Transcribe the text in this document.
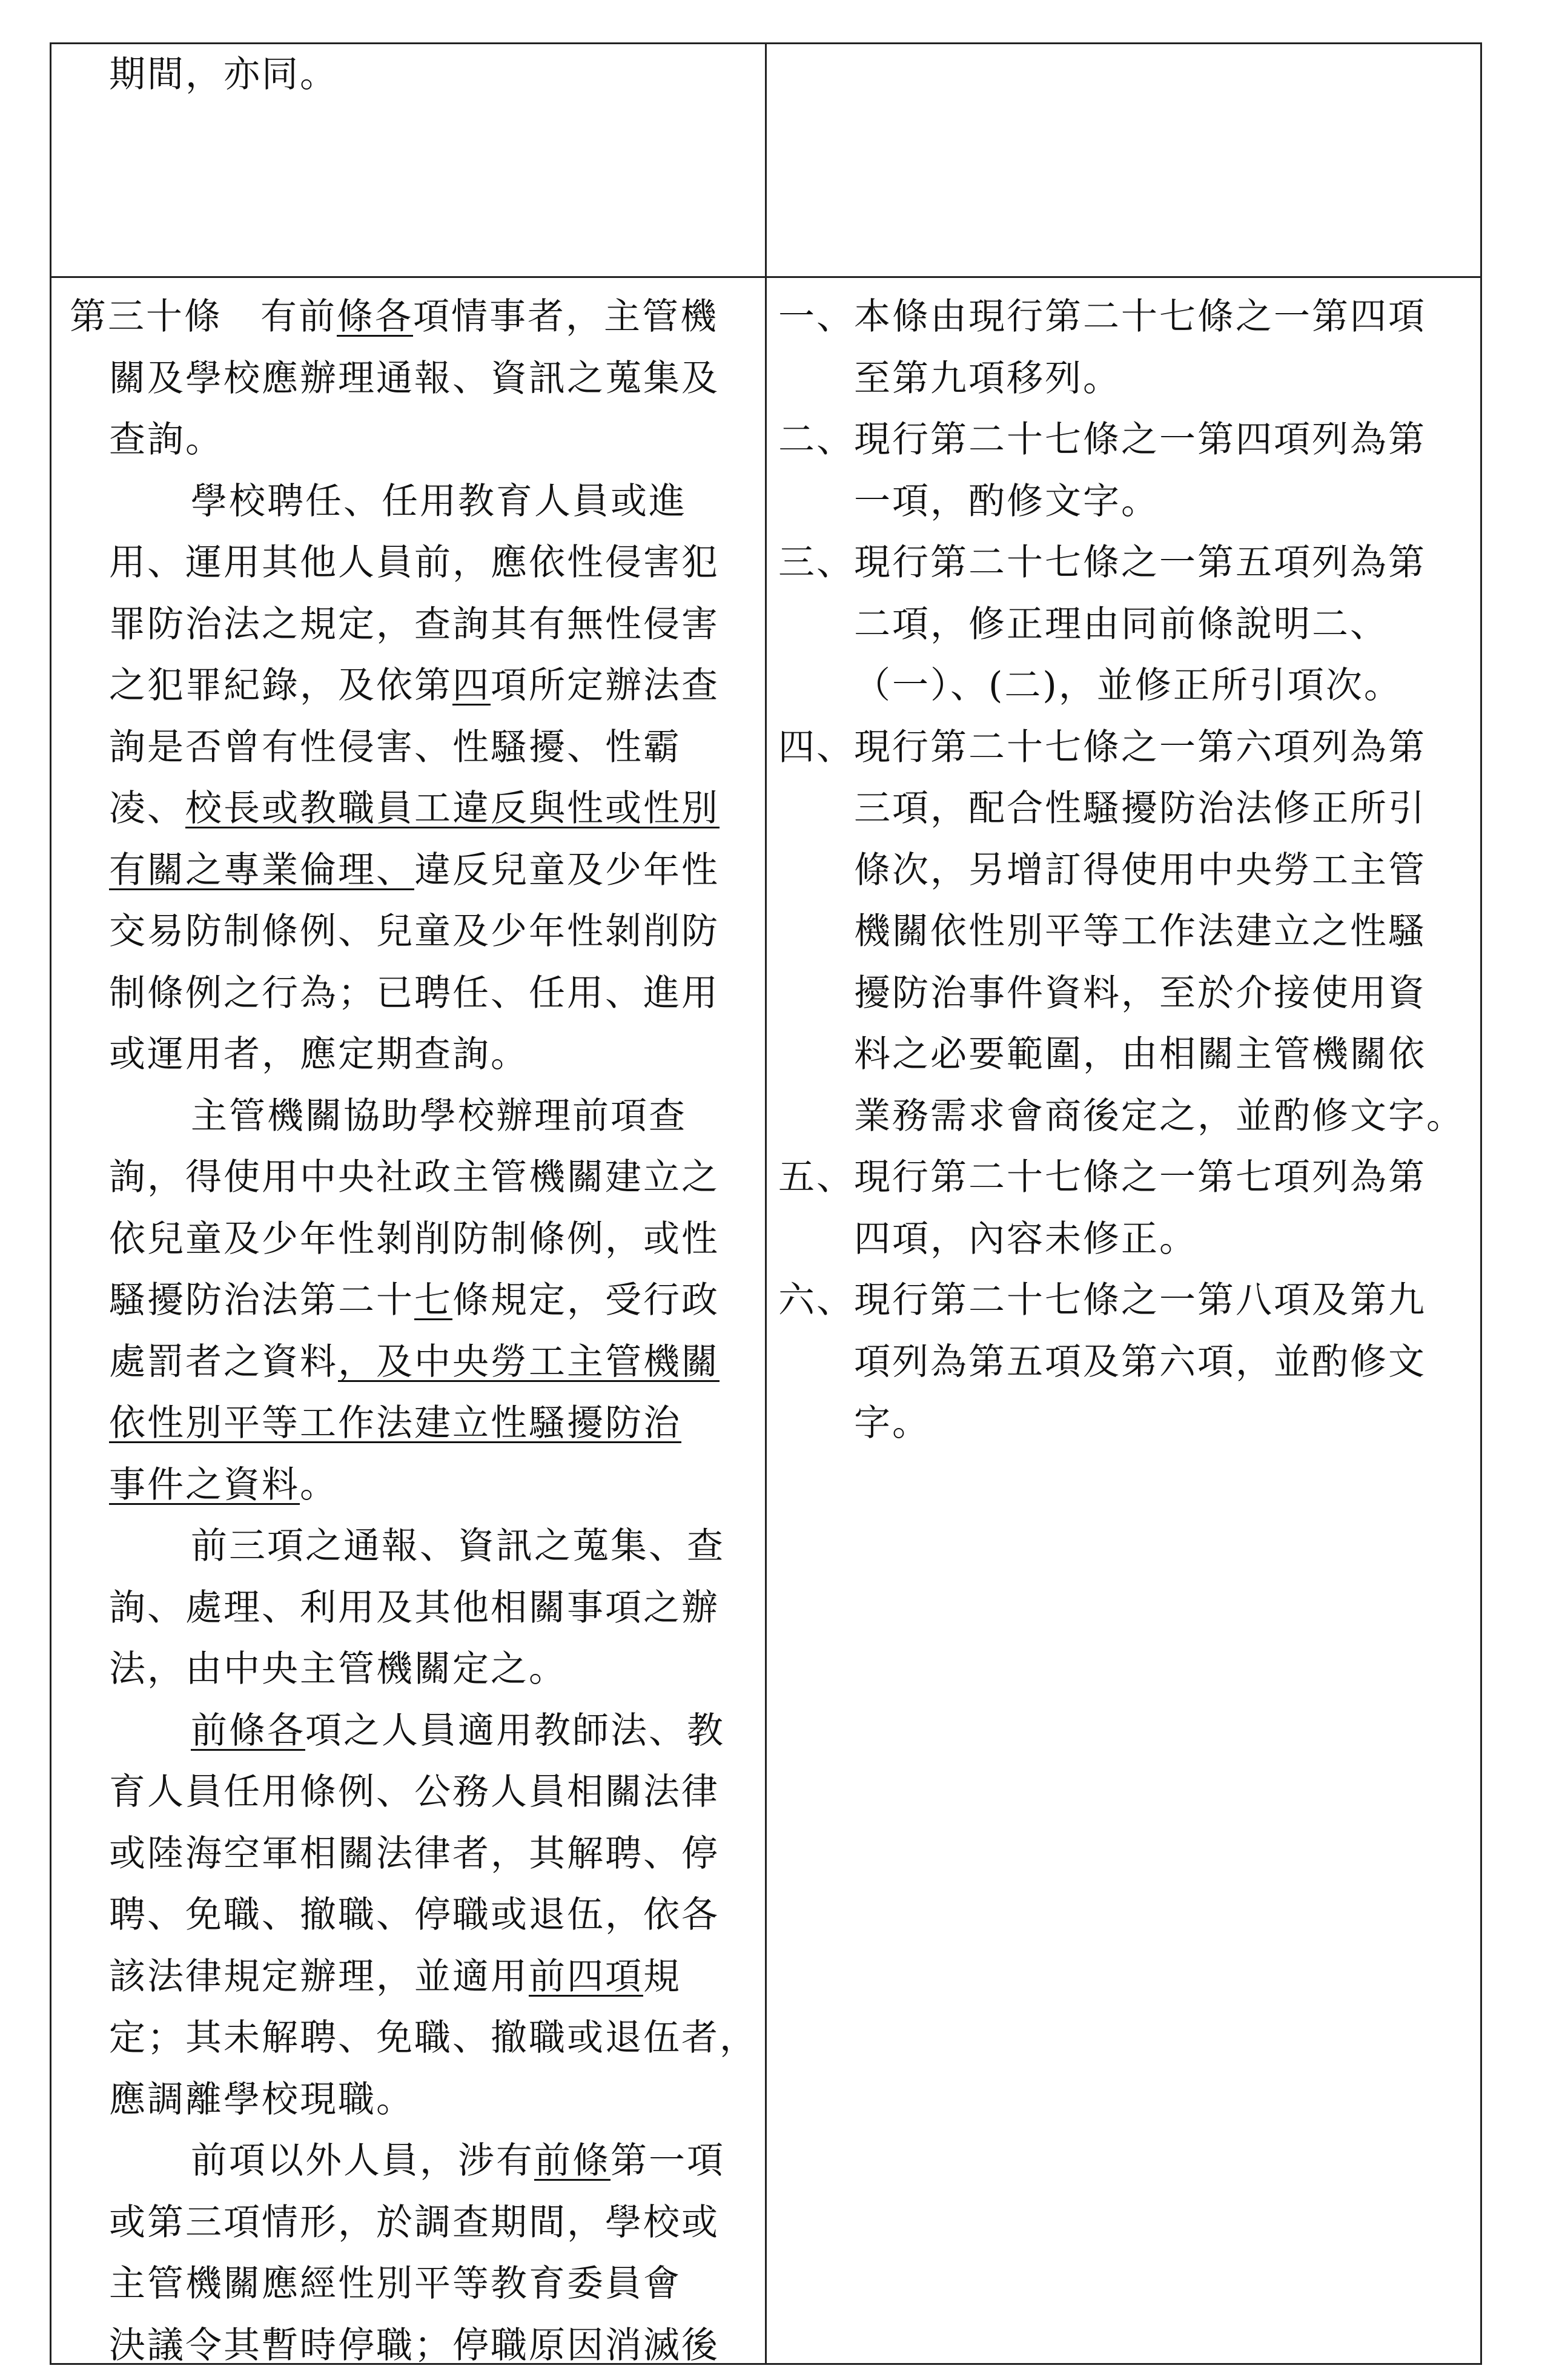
期間，亦同。
第三十條　有前條各項情事者，主管機
關及學校應辦理通報、資訊之蒐集及
查詢。
學校聘任、任用教育人員或進
用、運用其他人員前，應依性侵害犯
罪防治法之規定，查詢其有無性侵害
之犯罪紀錄，及依第四項所定辦法查
詢是否曾有性侵害、性騷擾、性霸
凌、校長或教職員工違反與性或性別
有關之專業倫理、違反兒童及少年性
交易防制條例、兒童及少年性剝削防
制條例之行為；已聘任、任用、進用
或運用者，應定期查詢。
主管機關協助學校辦理前項查
詢，得使用中央社政主管機關建立之
依兒童及少年性剝削防制條例，或性
騷擾防治法第二十七條規定，受行政
處罰者之資料，及中央勞工主管機關
依性別平等工作法建立性騷擾防治
事件之資料。
前三項之通報、資訊之蒐集、查
詢、處理、利用及其他相關事項之辦
法，由中央主管機關定之。
前條各項之人員適用教師法、教
育人員任用條例、公務人員相關法律
或陸海空軍相關法律者，其解聘、停
聘、免職、撤職、停職或退伍，依各
該法律規定辦理，並適用前四項規
定；其未解聘、免職、撤職或退伍者，
應調離學校現職。
前項以外人員，涉有前條第一項
或第三項情形，於調查期間，學校或
主管機關應經性別平等教育委員會
決議令其暫時停職；停職原因消滅後
一、 本條由現行第二十七條之一第四項
至第九項移列。
二、 現行第二十七條之一第四項列為第
一項，酌修文字。
三、 現行第二十七條之一第五項列為第
二項，修正理由同前條說明二、
（一）、(二)，並修正所引項次。
四、 現行第二十七條之一第六項列為第
三項，配合性騷擾防治法修正所引
條次，另增訂得使用中央勞工主管
機關依性別平等工作法建立之性騷
擾防治事件資料，至於介接使用資
料之必要範圍，由相關主管機關依
業務需求會商後定之，並酌修文字。
五、 現行第二十七條之一第七項列為第
四項，內容未修正。
六、 現行第二十七條之一第八項及第九
項列為第五項及第六項，並酌修文
字。
